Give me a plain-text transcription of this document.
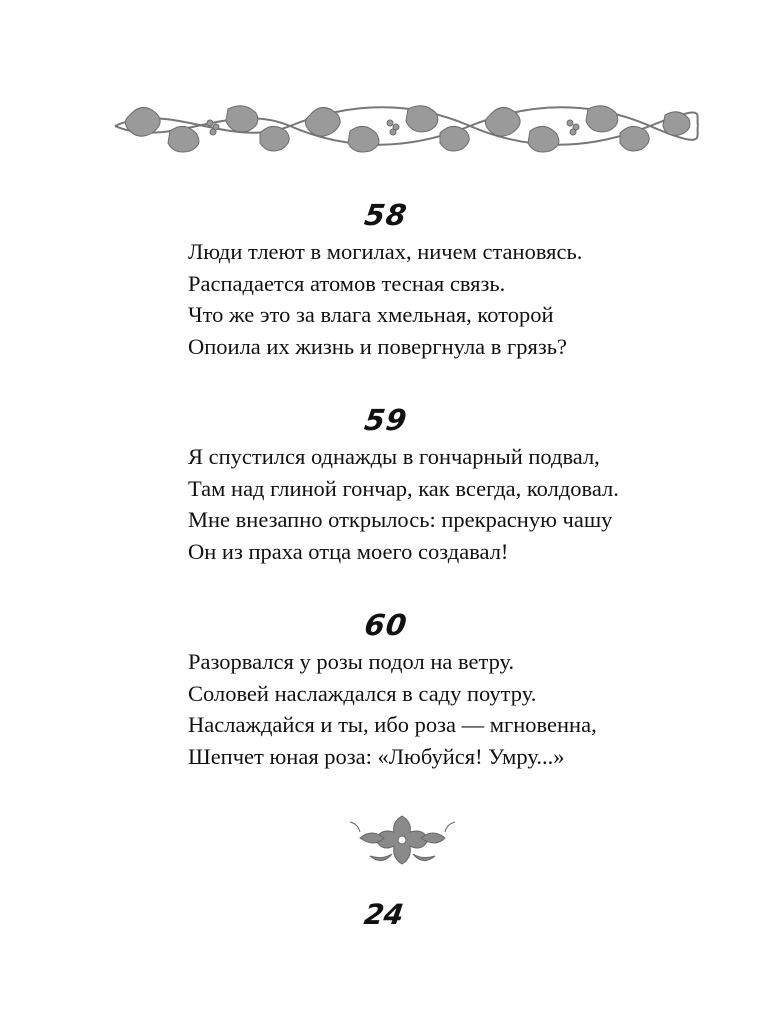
58
Люди тлеют в могилах, ничем становясь.
Распадается атомов тесная связь.
Что же это за влага хмельная, которой
Опоила их жизнь и повергнула в грязь?
59
Я спустился однажды в гончарный подвал,
Там над глиной гончар, как всегда, колдовал.
Мне внезапно открылось: прекрасную чашу
Он из праха отца моего создавал!
60
Разорвался у розы подол на ветру.
Соловей наслаждался в саду поутру.
Наслаждайся и ты, ибо роза — мгновенна,
Шепчет юная роза: «Любуйся! Умру...»
24
